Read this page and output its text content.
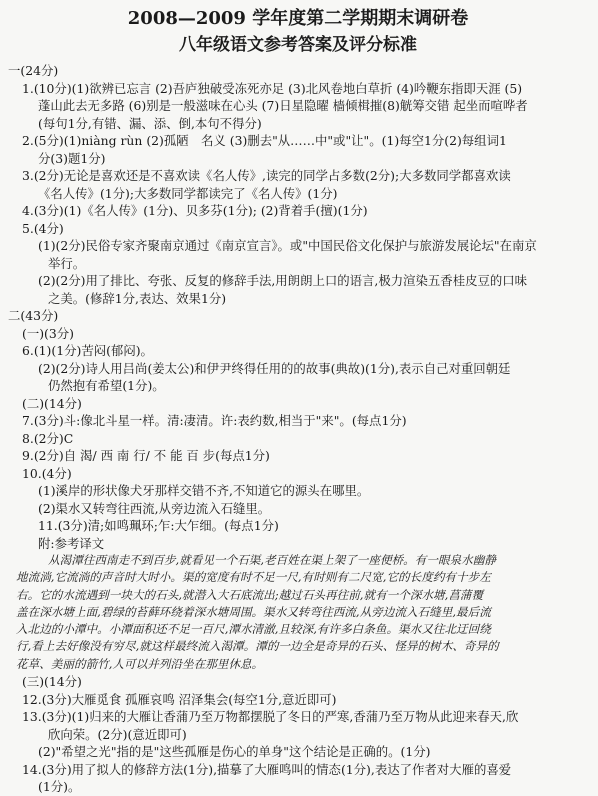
2008—2009 学年度第二学期期末调研卷
八年级语文参考答案及评分标准
一(24分)
1.(10分)(1)欲辨已忘言 (2)吾庐独破受冻死亦足 (3)北风卷地白草折 (4)吟鞭东指即天涯 (5)
蓬山此去无多路 (6)别是一般滋味在心头 (7)日星隐曜 樯倾楫摧(8)觥筹交错 起坐而喧哗者
(每句1分,有错、漏、添、倒,本句不得分)
2.(5分)(1)niàng rùn (2)孤陋　名义 (3)删去"从……中"或"让"。(1)每空1分(2)每组词1
分(3)题1分)
3.(2分)无论是喜欢还是不喜欢读《名人传》,读完的同学占多数(2分);大多数同学都喜欢读
《名人传》(1分);大多数同学都读完了《名人传》(1分)
4.(3分)(1)《名人传》(1分)、贝多芬(1分); (2)背着手(擅)(1分)
5.(4分)
(1)(2分)民俗专家齐聚南京通过《南京宣言》。或"中国民俗文化保护与旅游发展论坛"在南京
举行。
(2)(2分)用了排比、夸张、反复的修辞手法,用朗朗上口的语言,极力渲染五香桂皮豆的口味
之美。(修辞1分,表达、效果1分)
二(43分)
(一)(3分)
6.(1)(1分)苦闷(郁闷)。
(2)(2分)诗人用吕尚(姜太公)和伊尹终得任用的的故事(典故)(1分),表示自己对重回朝廷
仍然抱有希望(1分)。
(二)(14分)
7.(3分)斗:像北斗星一样。清:凄清。许:表约数,相当于"来"。(每点1分)
8.(2分)C
9.(2分)自 渴/ 西 南 行/ 不 能 百 步(每点1分)
10.(4分)
(1)溪岸的形状像犬牙那样交错不齐,不知道它的源头在哪里。
(2)渠水又转弯往西流,从旁边流入石缝里。
11.(3分)清;如鸣珮环;乍:大乍细。(每点1分)
附:参考译文
从渴潭往西南走不到百步,就看见一个石渠,老百姓在渠上架了一座便桥。有一眼泉水幽静
地流淌,它流淌的声音时大时小。渠的宽度有时不足一尺,有时则有二尺宽,它的长度约有十步左
右。它的水流遇到一块大的石头,就潜入大石底流出;越过石头再往前,就有一个深水塘,菖蒲覆
盖在深水塘上面,碧绿的苔藓环绕着深水塘周围。渠水又转弯往西流,从旁边流入石缝里,最后流
入北边的小潭中。小潭面积还不足一百尺,潭水清澈,且较深,有许多白条鱼。渠水又往北迂回绕
行,看上去好像没有穷尽,就这样最终流入渴潭。潭的一边全是奇异的石头、怪异的树木、奇异的
花草、美丽的箭竹,人可以并列沿坐在那里休息。
(三)(14分)
12.(3分)大雁觅食 孤雁哀鸣 沼泽集会(每空1分,意近即可)
13.(3分)(1)归来的大雁让香蒲乃至万物都摆脱了冬日的严寒,香蒲乃至万物从此迎来春天,欣
欣向荣。(2分)(意近即可)
(2)"希望之光"指的是"这些孤雁是伤心的单身"这个结论是正确的。(1分)
14.(3分)用了拟人的修辞方法(1分),描摹了大雁鸣叫的情态(1分),表达了作者对大雁的喜爱
(1分)。
